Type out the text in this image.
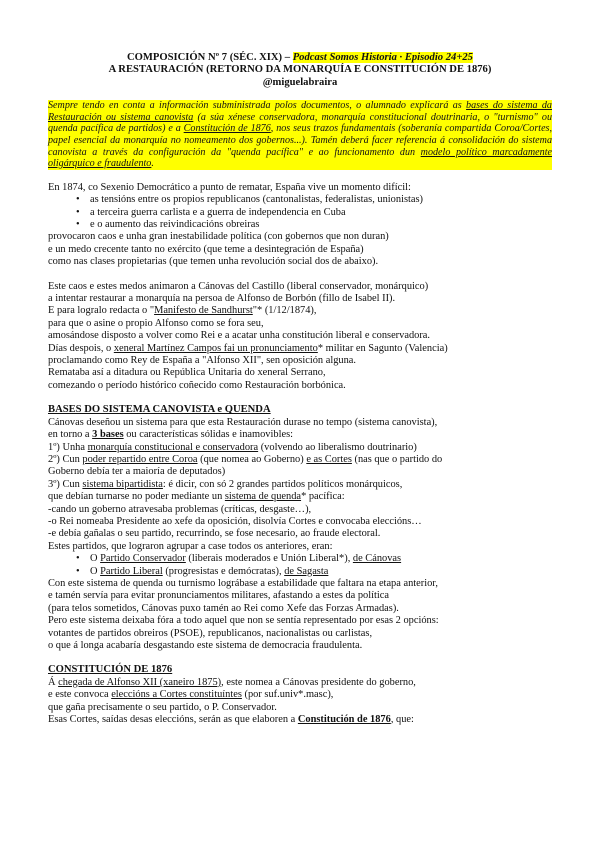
COMPOSICIÓN Nº 7 (SÉC. XIX) – Podcast Somos Historia · Episodio 24+25

A RESTAURACIÓN (RETORNO DA MONARQUÍA E CONSTITUCIÓN DE 1876)

@miguelabraira

Sempre tendo en conta a información subministrada polos documentos, o alumnado explicará as bases do sistema da Restauración ou sistema canovista (a súa xénese conservadora, monarquía constitucional doutrinaria, o "turnismo" ou quenda pacífica de partidos) e a Constitución de 1876, nos seus trazos fundamentais (soberanía compartida Coroa/Cortes, papel esencial da monarquía no nomeamento dos gobernos...). Tamén deberá facer referencia á consolidación do sistema canovista a través da configuración da "quenda pacífica" e ao funcionamento dun modelo político marcadamente oligárquico e fraudulento.

En 1874, co Sexenio Democrático a punto de rematar, España vive un momento difícil:

• as tensións entre os propios republicanos (cantonalistas, federalistas, unionistas)
• a terceira guerra carlista e a guerra de independencia en Cuba
• e o aumento das reivindicacións obreiras

provocaron caos e unha gran inestabilidade política (con gobernos que non duran)

e un medo crecente tanto no exército (que teme a desintegración de España)

como nas clases propietarias (que temen unha revolución social dos de abaixo).

Este caos e estes medos animaron a Cánovas del Castillo (liberal conservador, monárquico)

a intentar restaurar a monarquía na persoa de Alfonso de Borbón (fillo de Isabel II).

E para logralo redacta o "Manifesto de Sandhurst"* (1/12/1874),

para que o asine o propio Alfonso como se fora seu,

amosándose disposto a volver como Rei e a acatar unha constitución liberal e conservadora.

Días despois, o xeneral Martínez Campos fai un pronunciamento* militar en Sagunto (Valencia)

proclamando como Rey de España a "Alfonso XII", sen oposición alguna.

Remataba así a ditadura ou República Unitaria do xeneral Serrano,

comezando o período histórico coñecido como Restauración borbónica.

BASES DO SISTEMA CANOVISTA e QUENDA

Cánovas deseñou un sistema para que esta Restauración durase no tempo (sistema canovista),

en torno a 3 bases ou características sólidas e inamovibles:

1º) Unha monarquía constitucional e conservadora (volvendo ao liberalismo doutrinario)

2º) Cun poder repartido entre Coroa (que nomea ao Goberno) e as Cortes (nas que o partido do

Goberno debía ter a maioría de deputados)

3º) Cun sistema bipartidista: é dicir, con só 2 grandes partidos políticos monárquicos,

que debían turnarse no poder mediante un sistema de quenda* pacífica:

-cando un goberno atravesaba problemas (críticas, desgaste…),

-o Rei nomeaba Presidente ao xefe da oposición, disolvía Cortes e convocaba eleccións…

-e debía gañalas o seu partido, recurrindo, se fose necesario, ao fraude electoral.

Estes partidos, que lograron agrupar a case todos os anteriores, eran:

• O Partido Conservador (liberais moderados e Unión Liberal*), de Cánovas
• O Partido Liberal (progresistas e demócratas), de Sagasta

Con este sistema de quenda ou turnismo lográbase a estabilidade que faltara na etapa anterior,

e tamén servía para evitar pronunciamentos militares, afastando a estes da política

(para telos sometidos, Cánovas puxo tamén ao Rei como Xefe das Forzas Armadas).

Pero este sistema deixaba fóra a todo aquel que non se sentía representado por esas 2 opcións:

votantes de partidos obreiros (PSOE), republicanos, nacionalistas ou carlistas,

o que á longa acabaría desgastando este sistema de democracia fraudulenta.

CONSTITUCIÓN DE 1876

Á chegada de Alfonso XII (xaneiro 1875), este nomea a Cánovas presidente do goberno,

e este convoca eleccións a Cortes constituíntes (por suf.univ*.masc),

que gaña precisamente o seu partido, o P. Conservador.

Esas Cortes, saídas desas eleccións, serán as que elaboren a Constitución de 1876, que:
